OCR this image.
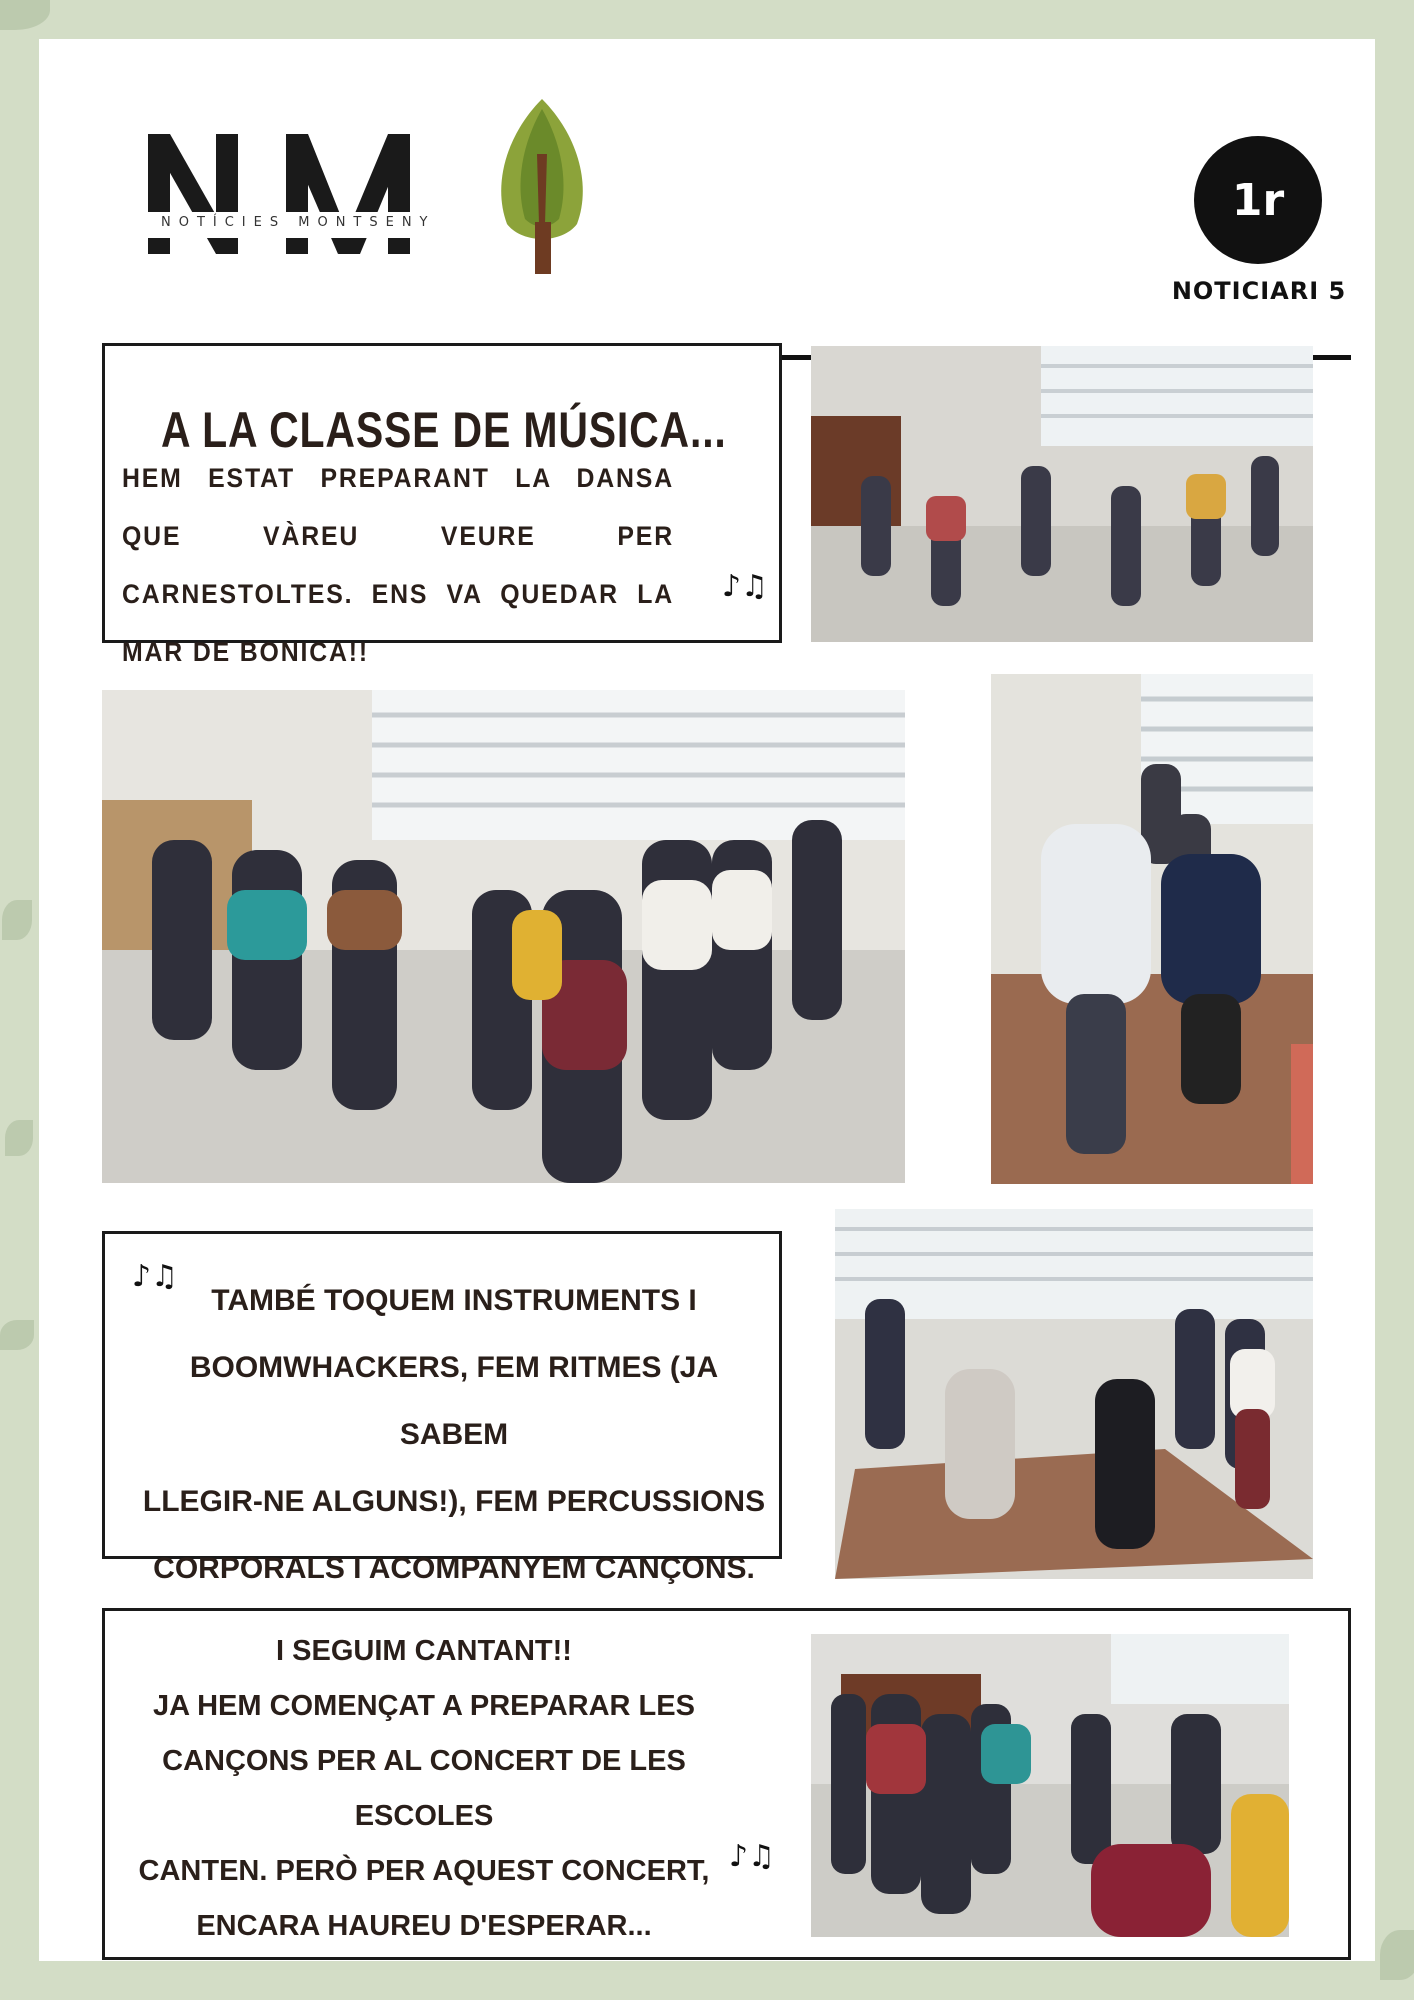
NOTÍCIES MONTSENY	1r
NOTICIARI 5
A LA CLASSE DE MÚSICA...
HEM ESTAT PREPARANT LA DANSA QUE VÀREU VEURE PER CARNESTOLTES. ENS VA QUEDAR LA MAR DE BONICA!!
♪♫
♪♫
TAMBÉ TOQUEM INSTRUMENTS I
BOOMWHACKERS, FEM RITMES (JA SABEM
LLEGIR-NE ALGUNS!), FEM PERCUSSIONS
CORPORALS I ACOMPANYEM CANÇONS.
I SEGUIM CANTANT!!
JA HEM COMENÇAT A PREPARAR LES
CANÇONS PER AL CONCERT DE LES ESCOLES
CANTEN. PERÒ PER AQUEST CONCERT,
ENCARA HAUREU D'ESPERAR...
♪♫
